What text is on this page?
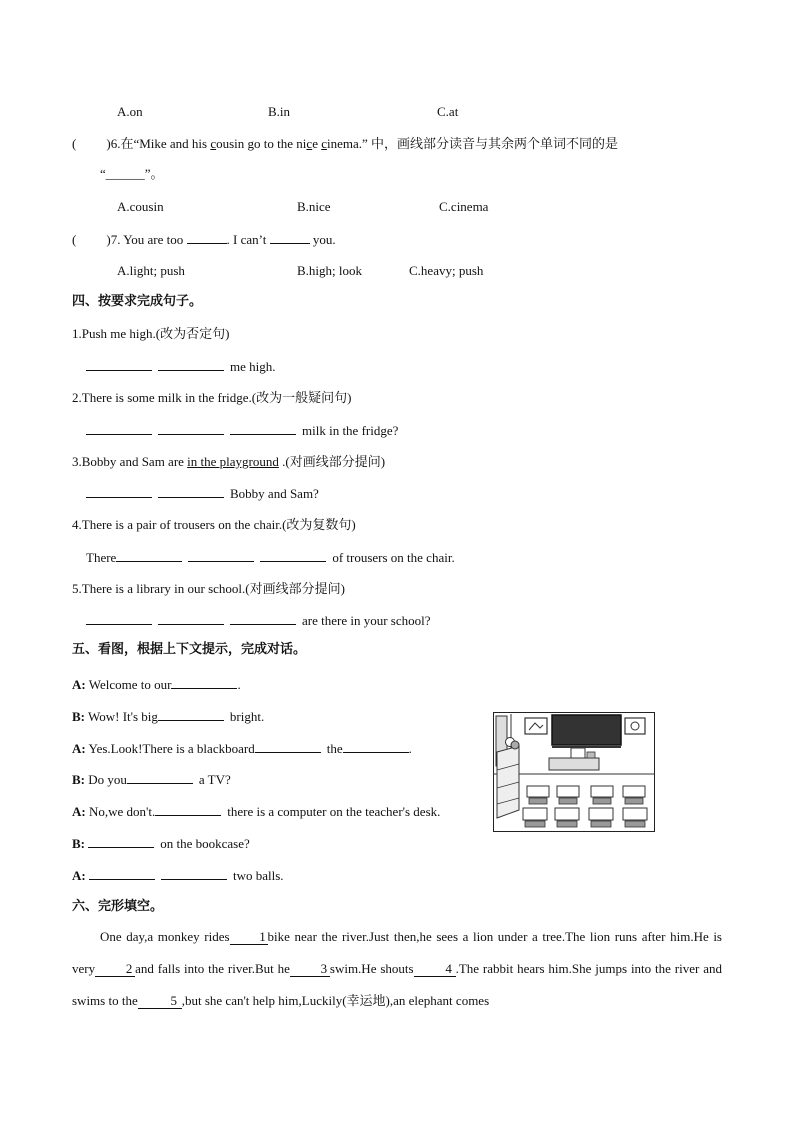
A.on	B.in	C.at
( )6.在“Mike and his cousin go to the nice cinema.” 中，画线部分读音与其余两个单词不同的是
“______”。
A.cousin	B.nice	C.cinema
( )7. You are too	. I can’t	you.
A.light; push	B.high; look	C.heavy; push
四、按要求完成句子。
1.Push me high.(改为否定句)
me high.
2.There is some milk in the fridge.(改为一般疑问句)
milk in the fridge?
3.Bobby and Sam are in the playground .(对画线部分提问)
Bobby and Sam?
4.There is a pair of trousers on the chair.(改为复数句)
There	of trousers on the chair.
5.There is a library in our school.(对画线部分提问)
are there in your school?
五、看图，根据上下文提示，完成对话。
A: Welcome to our	.
B: Wow! It's big	bright.
A: Yes.Look!There is a blackboard	the	.
B: Do you	a TV?
A: No,we don't.	there is a computer on the teacher's desk.
B:	on the bookcase?
A:	two balls.
六、完形填空。
One day,a monkey rides 1 bike near the river.Just then,he sees a lion under a tree.The lion runs after him.He is very 2 and falls into the river.But he 3 swim.He shouts 4 .The rabbit hears him.She jumps into the river and swims to the	5 ,but she can't help him,Luckily(幸运地),an elephant comes
